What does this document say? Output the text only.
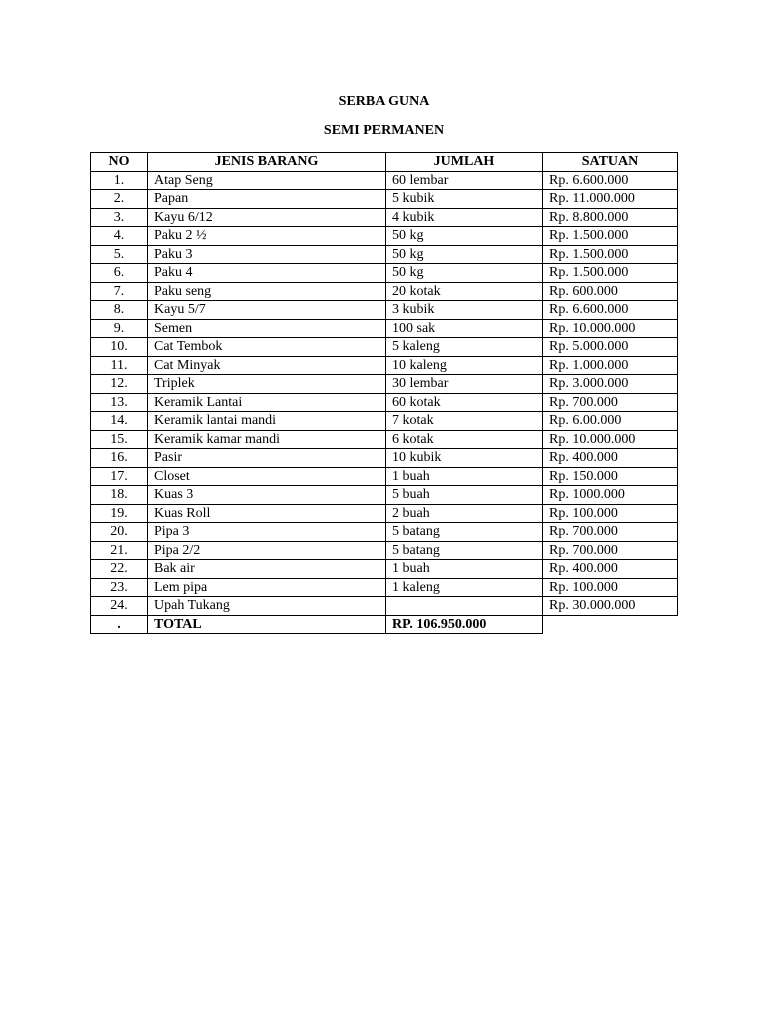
SERBA GUNA
SEMI PERMANEN
NO	JENIS BARANG	JUMLAH	SATUAN
1.	Atap Seng	60 lembar	Rp. 6.600.000
2.	Papan	5 kubik	Rp. 11.000.000
3.	Kayu 6/12	4 kubik	Rp. 8.800.000
4.	Paku 2 ½	50 kg	Rp. 1.500.000
5.	Paku 3	50 kg	Rp. 1.500.000
6.	Paku 4	50 kg	Rp. 1.500.000
7.	Paku seng	20 kotak	Rp. 600.000
8.	Kayu 5/7	3 kubik	Rp. 6.600.000
9.	Semen	100 sak	Rp. 10.000.000
10.	Cat Tembok	5 kaleng	Rp. 5.000.000
11.	Cat Minyak	10 kaleng	Rp. 1.000.000
12.	Triplek	30 lembar	Rp. 3.000.000
13.	Keramik Lantai	60 kotak	Rp. 700.000
14.	Keramik lantai mandi	7 kotak	Rp. 6.00.000
15.	Keramik kamar mandi	6 kotak	Rp. 10.000.000
16.	Pasir	10 kubik	Rp. 400.000
17.	Closet	1 buah	Rp. 150.000
18.	Kuas 3	5 buah	Rp. 1000.000
19.	Kuas Roll	2 buah	Rp. 100.000
20.	Pipa 3	5 batang	Rp. 700.000
21.	Pipa 2/2	5 batang	Rp. 700.000
22.	Bak air	1 buah	Rp. 400.000
23.	Lem pipa	1 kaleng	Rp. 100.000
24.	Upah Tukang		Rp. 30.000.000
.	TOTAL	RP. 106.950.000	
